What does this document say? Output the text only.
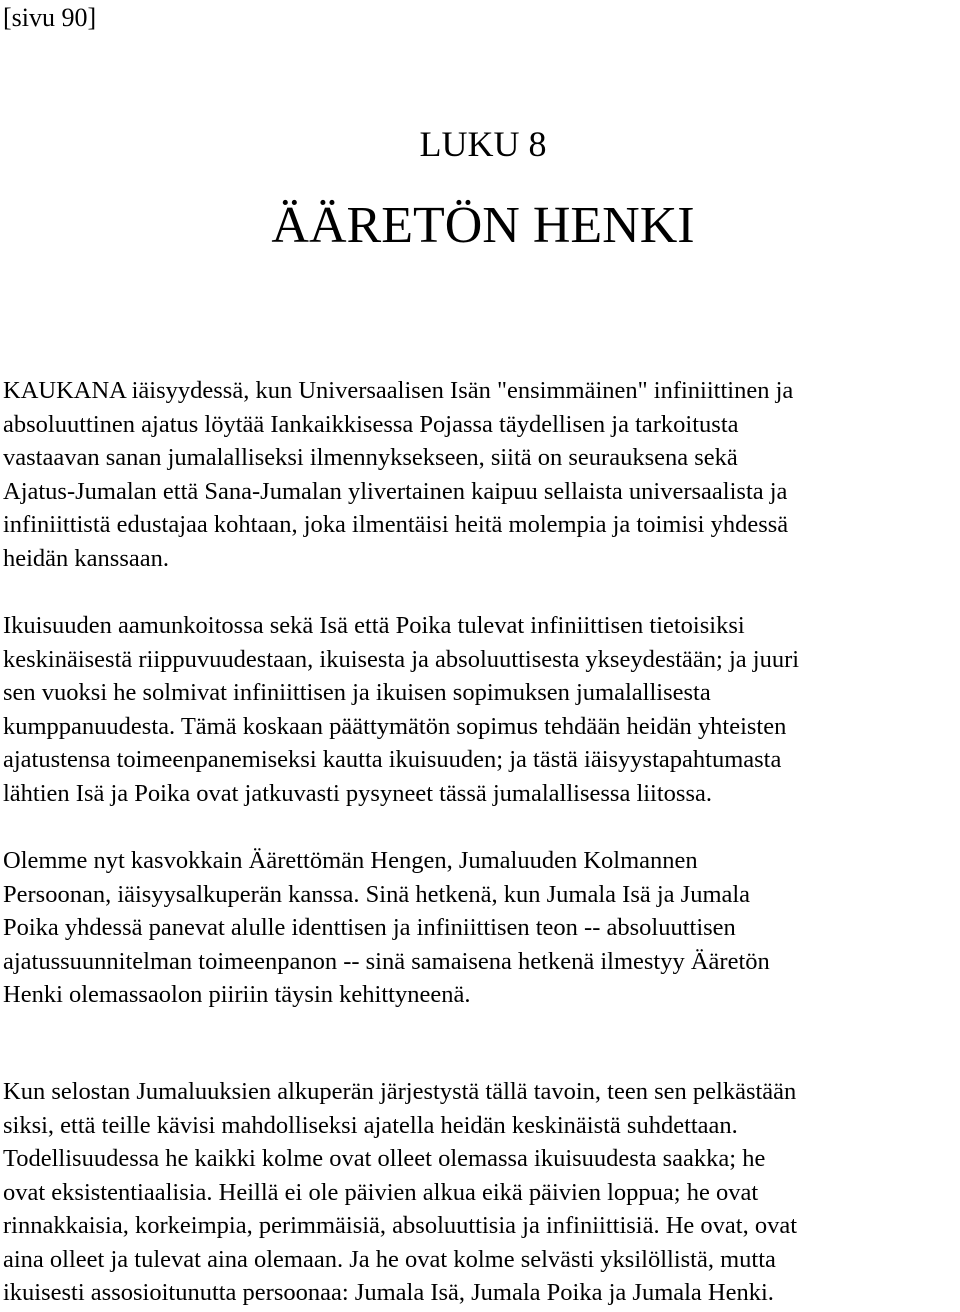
[sivu 90]
LUKU 8
ÄÄRETÖN HENKI

KAUKANA iäisyydessä, kun Universaalisen Isän "ensimmäinen" infiniittinen ja
absoluuttinen ajatus löytää Iankaikkisessa Pojassa täydellisen ja tarkoitusta
vastaavan sanan jumalalliseksi ilmennyksekseen, siitä on seurauksena sekä
Ajatus-Jumalan että Sana-Jumalan ylivertainen kaipuu sellaista universaalista ja
infiniittistä edustajaa kohtaan, joka ilmentäisi heitä molempia ja toimisi yhdessä
heidän kanssaan.

Ikuisuuden aamunkoitossa sekä Isä että Poika tulevat infiniittisen tietoisiksi
keskinäisestä riippuvuudestaan, ikuisesta ja absoluuttisesta ykseydestään; ja juuri
sen vuoksi he solmivat infiniittisen ja ikuisen sopimuksen jumalallisesta
kumppanuudesta. Tämä koskaan päättymätön sopimus tehdään heidän yhteisten
ajatustensa toimeenpanemiseksi kautta ikuisuuden; ja tästä iäisyystapahtumasta
lähtien Isä ja Poika ovat jatkuvasti pysyneet tässä jumalallisessa liitossa.

Olemme nyt kasvokkain Äärettömän Hengen, Jumaluuden Kolmannen
Persoonan, iäisyysalkuperän kanssa. Sinä hetkenä, kun Jumala Isä ja Jumala
Poika yhdessä panevat alulle identtisen ja infiniittisen teon -- absoluuttisen
ajatussuunnitelman toimeenpanon -- sinä samaisena hetkenä ilmestyy Ääretön
Henki olemassaolon piiriin täysin kehittyneenä.

Kun selostan Jumaluuksien alkuperän järjestystä tällä tavoin, teen sen pelkästään
siksi, että teille kävisi mahdolliseksi ajatella heidän keskinäistä suhdettaan.
Todellisuudessa he kaikki kolme ovat olleet olemassa ikuisuudesta saakka; he
ovat eksistentiaalisia. Heillä ei ole päivien alkua eikä päivien loppua; he ovat
rinnakkaisia, korkeimpia, perimmäisiä, absoluuttisia ja infiniittisiä. He ovat, ovat
aina olleet ja tulevat aina olemaan. Ja he ovat kolme selvästi yksilöllistä, mutta
ikuisesti assosioitunutta persoonaa: Jumala Isä, Jumala Poika ja Jumala Henki.
